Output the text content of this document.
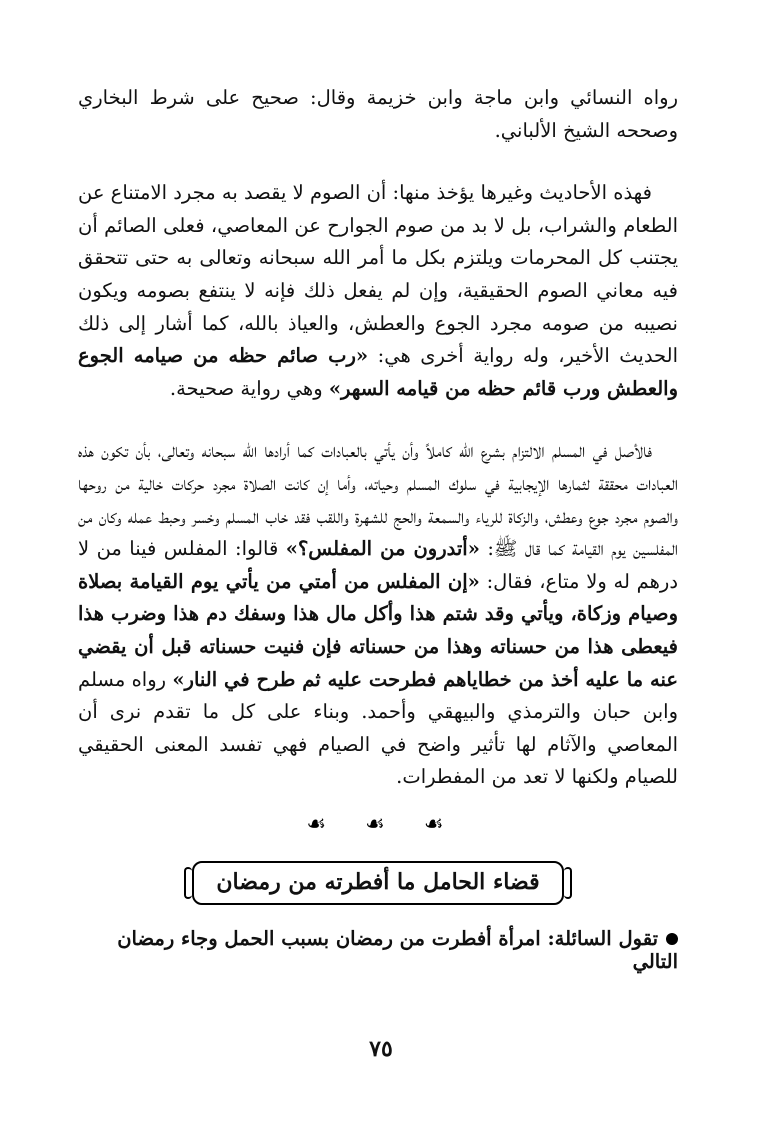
رواه النسائي وابن ماجة وابن خزيمة وقال: صحيح على شرط البخاري وصححه الشيخ الألباني.

فهذه الأحاديث وغيرها يؤخذ منها: أن الصوم لا يقصد به مجرد الامتناع عن الطعام والشراب، بل لا بد من صوم الجوارح عن المعاصي، فعلى الصائم أن يجتنب كل المحرمات ويلتزم بكل ما أمر الله سبحانه وتعالى به حتى تتحقق فيه معاني الصوم الحقيقية، وإن لم يفعل ذلك فإنه لا ينتفع بصومه ويكون نصيبه من صومه مجرد الجوع والعطش، والعياذ بالله، كما أشار إلى ذلك الحديث الأخير، وله رواية أخرى هي: «رب صائم حظه من صيامه الجوع والعطش ورب قائم حظه من قيامه السهر» وهي رواية صحيحة.

فالأصل في المسلم الالتزام بشرع الله كاملاً وأن يأتي بالعبادات كما أرادها الله سبحانه وتعالى، بأن تكون هذه العبادات محققة لثمارها الإيجابية في سلوك المسلم وحياته، وأما إن كانت الصلاة مجرد حركات خالية من روحها والصوم مجرد جوع وعطش، والزكاة للرياء والسمعة والحج للشهرة واللقب فقد خاب المسلم وخسر وحبط عمله وكان من المفلسين يوم القيامة كما قال ﷺ: «أتدرون من المفلس؟» قالوا: المفلس فينا من لا درهم له ولا متاع، فقال: «إن المفلس من أمتي من يأتي يوم القيامة بصلاة وصيام وزكاة، ويأتي وقد شتم هذا وأكل مال هذا وسفك دم هذا وضرب هذا فيعطى هذا من حسناته وهذا من حسناته فإن فنيت حسناته قبل أن يقضي عنه ما عليه أخذ من خطاياهم فطرحت عليه ثم طرح في النار» رواه مسلم وابن حبان والترمذي والبيهقي وأحمد. وبناء على كل ما تقدم نرى أن المعاصي والآثام لها تأثير واضح في الصيام فهي تفسد المعنى الحقيقي للصيام ولكنها لا تعد من المفطرات.

☙ ☙ ☙
قضاء الحامل ما أفطرته من رمضان

تقول السائلة: امرأة أفطرت من رمضان بسبب الحمل وجاء رمضان التالي

٧٥
